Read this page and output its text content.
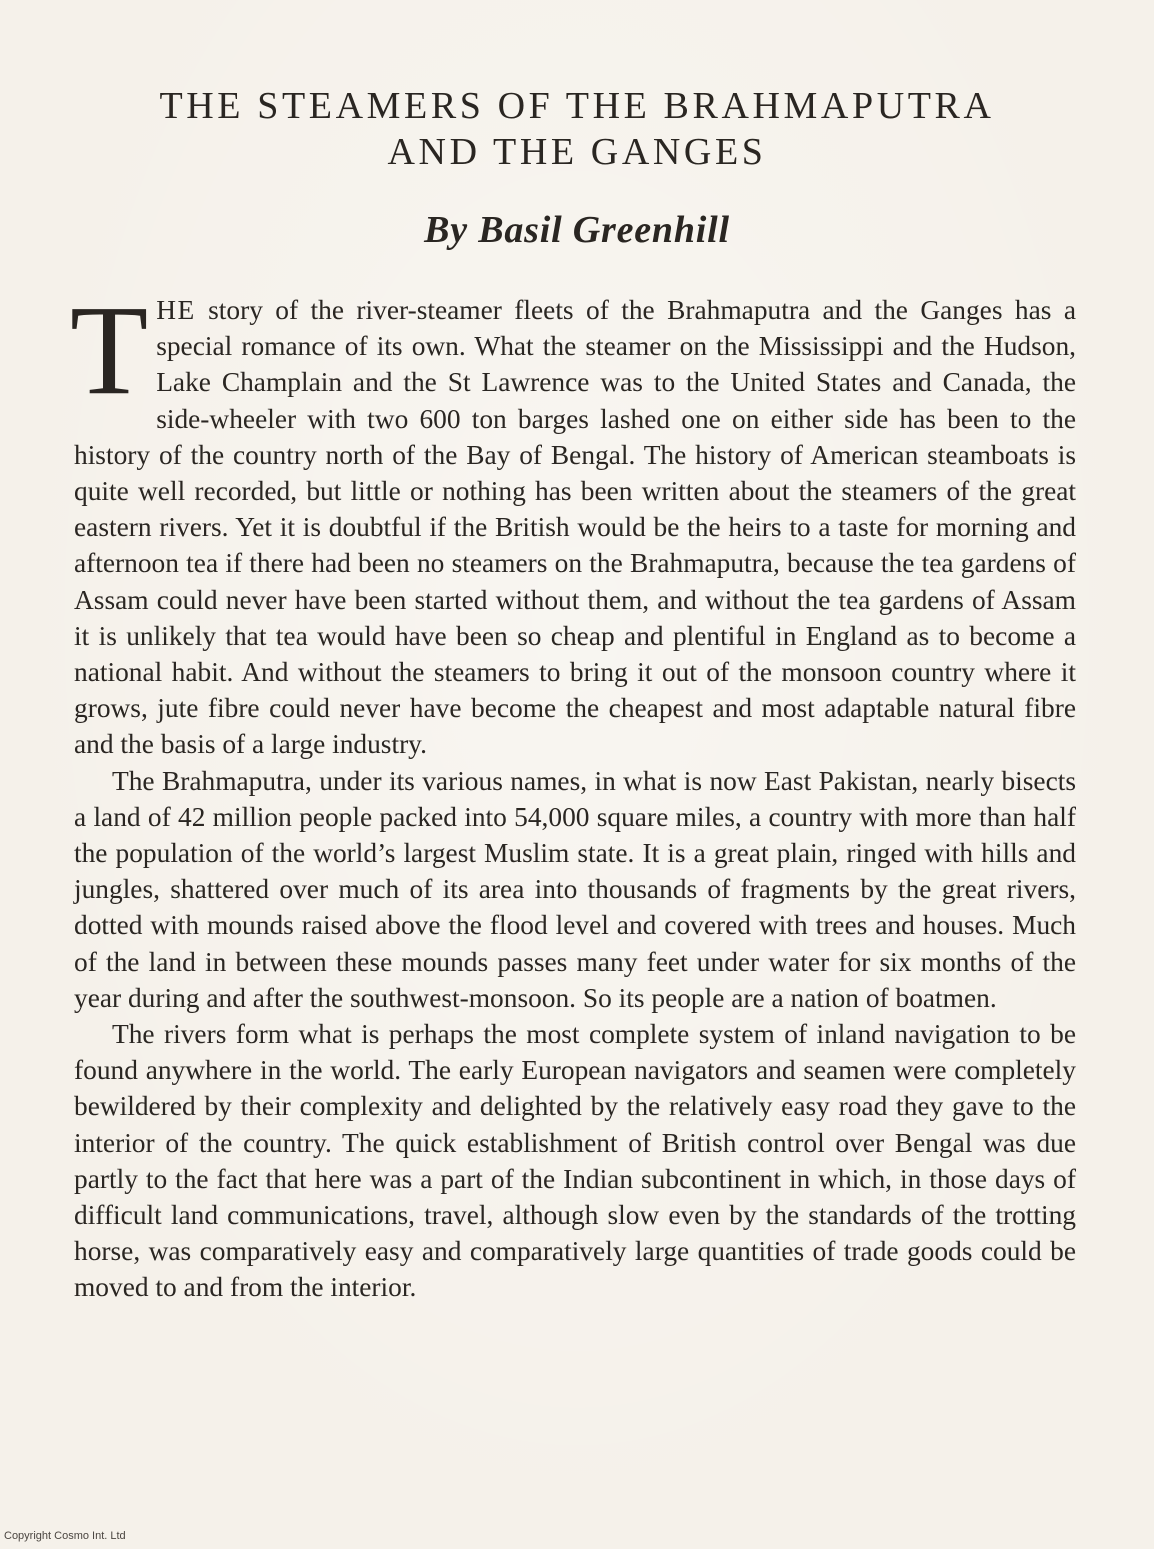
THE STEAMERS OF THE BRAHMAPUTRA
AND THE GANGES
By Basil Greenhill

THE story of the river-steamer fleets of the Brahmaputra and the Ganges has a special romance of its own. What the steamer on the Mississippi and the Hudson, Lake Champlain and the St Lawrence was to the United States and Canada, the side-wheeler with two 600 ton barges lashed one on either side has been to the history of the country north of the Bay of Bengal. The history of American steamboats is quite well recorded, but little or nothing has been written about the steamers of the great eastern rivers. Yet it is doubtful if the British would be the heirs to a taste for morning and afternoon tea if there had been no steamers on the Brahmaputra, because the tea gardens of Assam could never have been started without them, and without the tea gardens of Assam it is unlikely that tea would have been so cheap and plentiful in England as to become a national habit. And without the steamers to bring it out of the monsoon country where it grows, jute fibre could never have become the cheapest and most adaptable natural fibre and the basis of a large industry.

The Brahmaputra, under its various names, in what is now East Pakistan, nearly bisects a land of 42 million people packed into 54,000 square miles, a country with more than half the population of the world’s largest Muslim state. It is a great plain, ringed with hills and jungles, shattered over much of its area into thousands of fragments by the great rivers, dotted with mounds raised above the flood level and covered with trees and houses. Much of the land in between these mounds passes many feet under water for six months of the year during and after the southwest-monsoon. So its people are a nation of boatmen.

The rivers form what is perhaps the most complete system of inland navigation to be found anywhere in the world. The early European navigators and seamen were completely bewildered by their complexity and delighted by the relatively easy road they gave to the interior of the country. The quick establishment of British control over Bengal was due partly to the fact that here was a part of the Indian subcontinent in which, in those days of difficult land communications, travel, although slow even by the standards of the trotting horse, was comparatively easy and comparatively large quantities of trade goods could be moved to and from the interior.

Copyright Cosmo Int. Ltd
